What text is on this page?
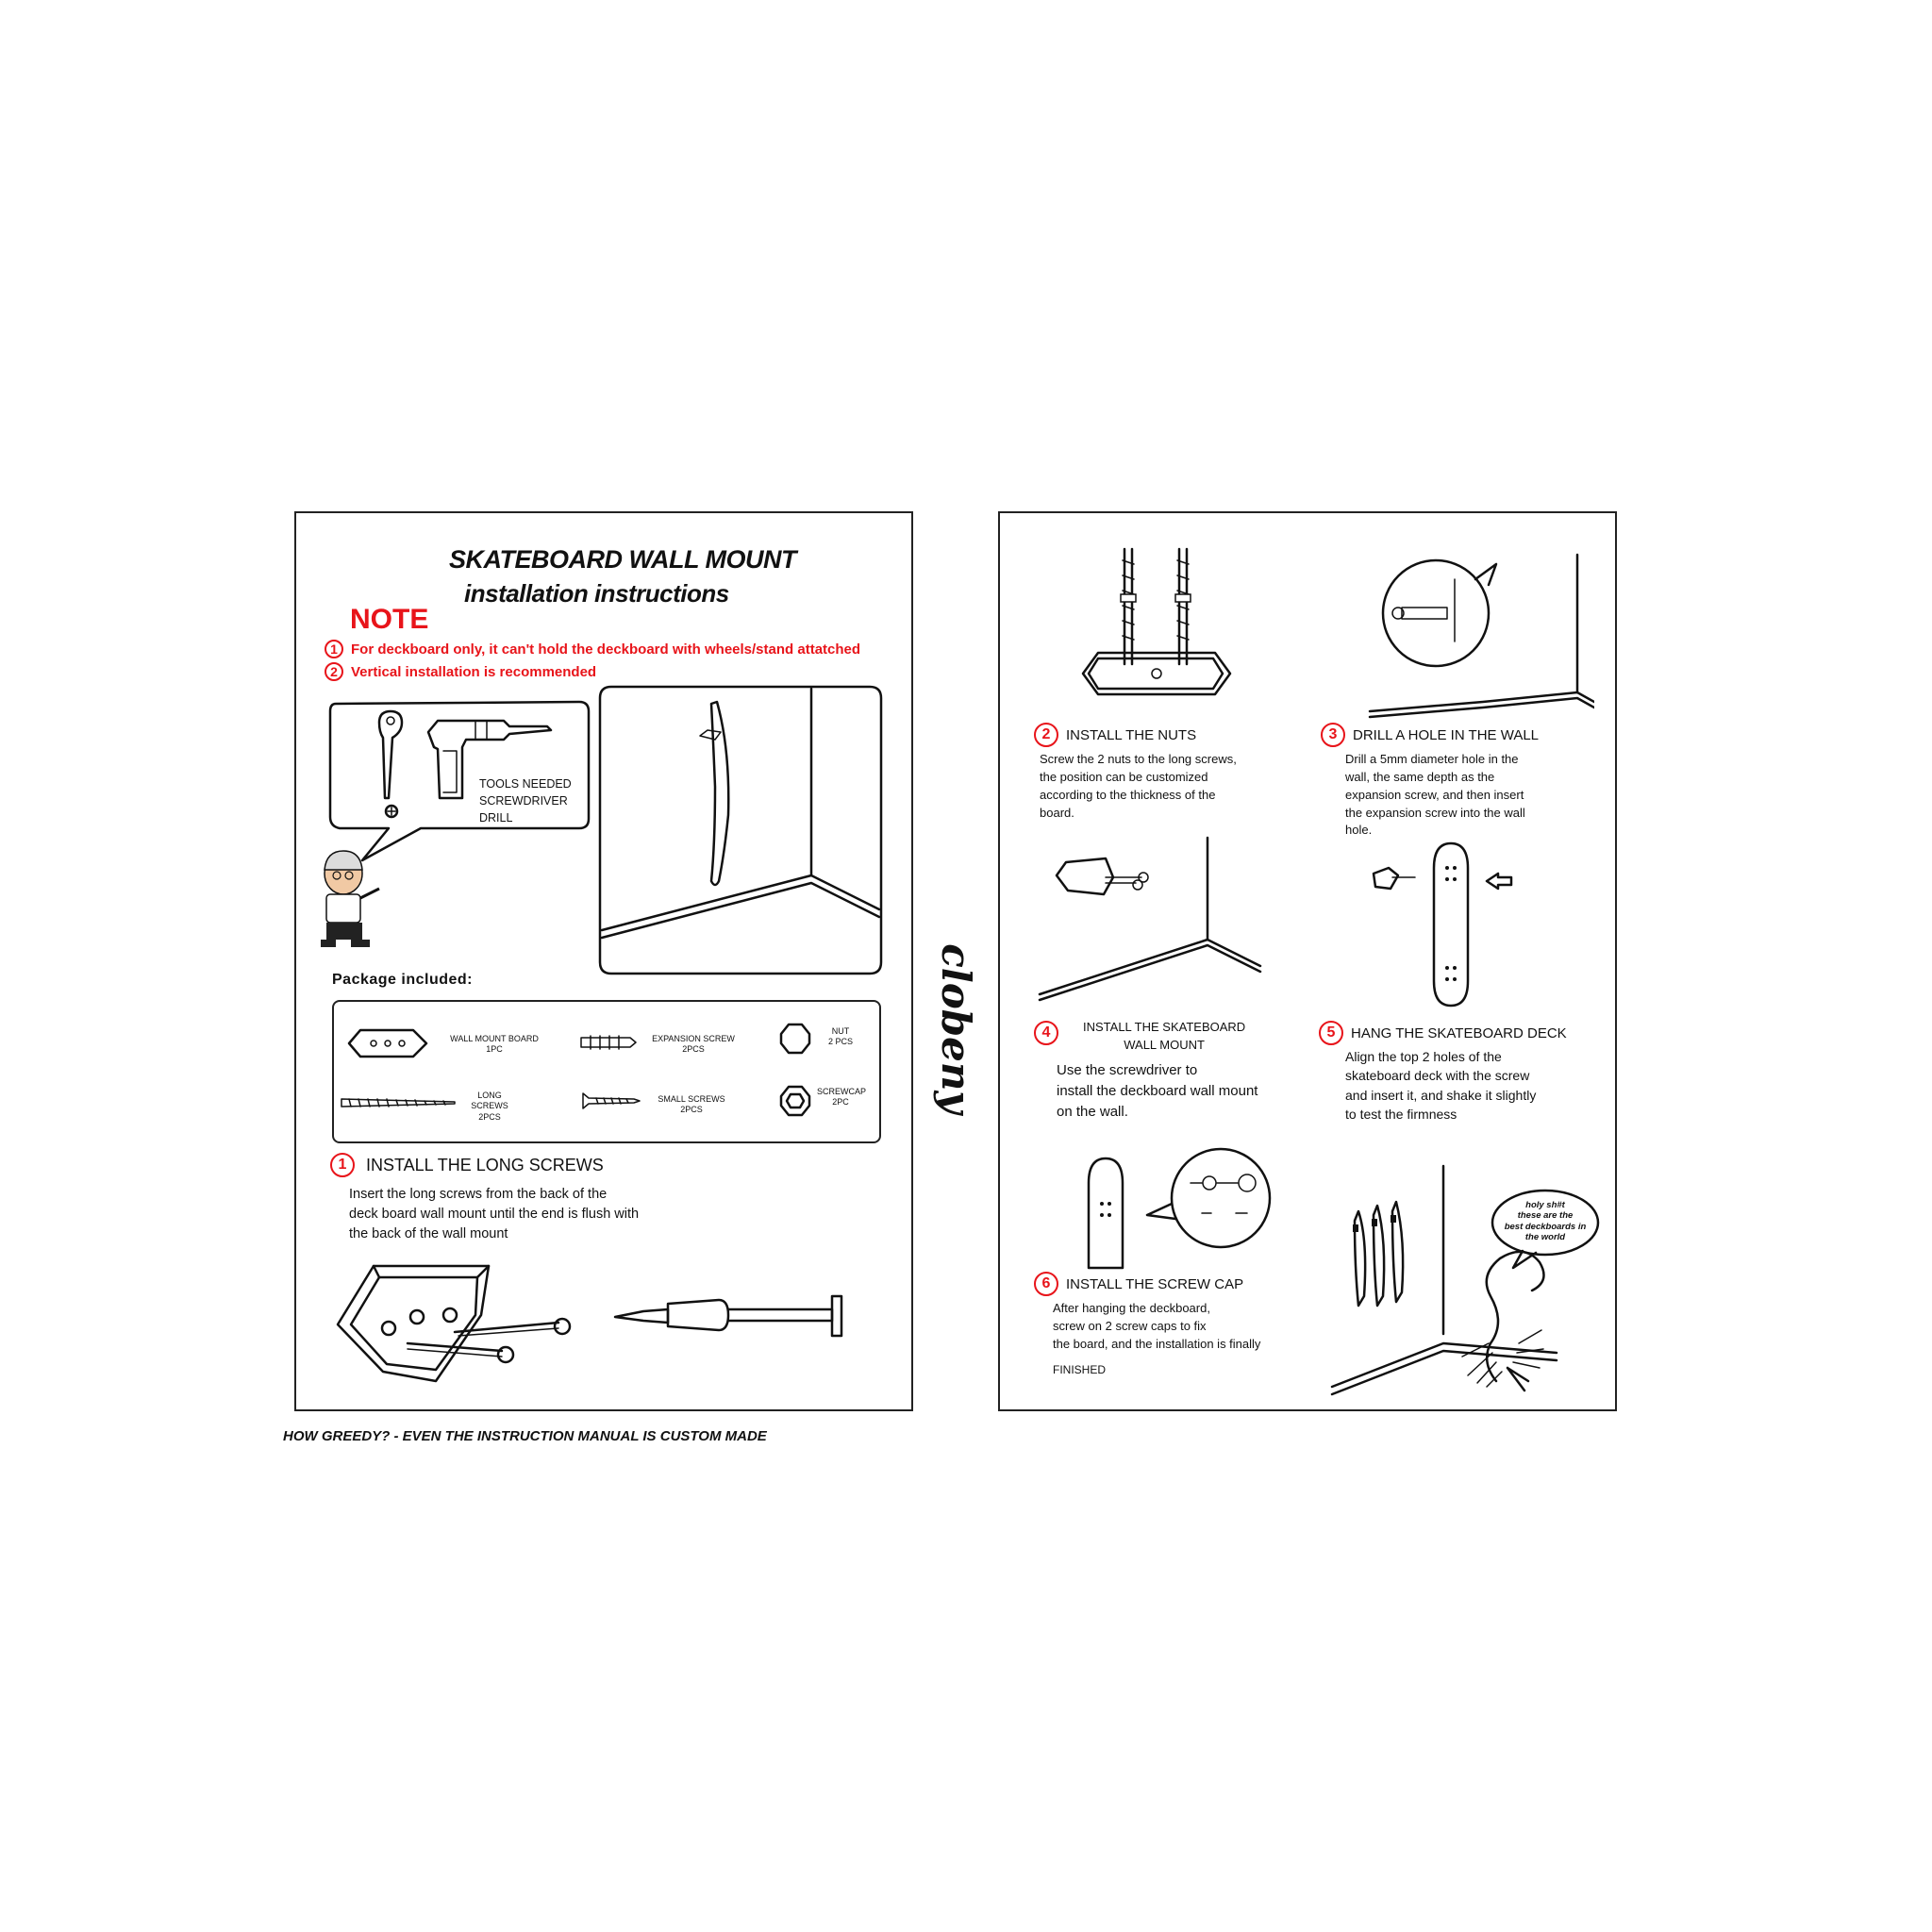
SKATEBOARD WALL MOUNT
installation instructions
NOTE
1 For deckboard only, it can't hold the deckboard with wheels/stand attatched
2 Vertical installation is recommended
TOOLS NEEDED
SCREWDRIVER
DRILL
Package included:
WALL MOUNT BOARD
1PC
EXPANSION SCREW
2PCS
NUT
2 PCS
LONG SCREWS
2PCS
SMALL SCREWS
2PCS
SCREWCAP
2PC
1	INSTALL THE LONG SCREWS
Insert the long screws from the back of the
deck board wall mount until the end is flush with
the back of the wall mount
HOW GREEDY? - EVEN THE INSTRUCTION MANUAL IS CUSTOM MADE
clobeny
2	INSTALL THE NUTS
Screw the 2 nuts to the long screws,
the position can be customized
according to the thickness of the
board.
3	DRILL A HOLE IN THE WALL
Drill a 5mm diameter hole in the
wall, the same depth as the
expansion screw, and then insert
the expansion screw into the wall
hole.
4	INSTALL THE SKATEBOARD
WALL MOUNT
Use the screwdriver to
install the deckboard wall mount
on the wall.
5	HANG THE SKATEBOARD DECK
Align the top 2 holes of the
skateboard deck with the screw
and insert it, and shake it slightly
to test the firmness
6	INSTALL THE SCREW CAP
After hanging the deckboard,
screw on 2 screw caps to fix
the board, and the installation is finally
FINISHED
holy sh#t
these are the
best deckboards in
the world
